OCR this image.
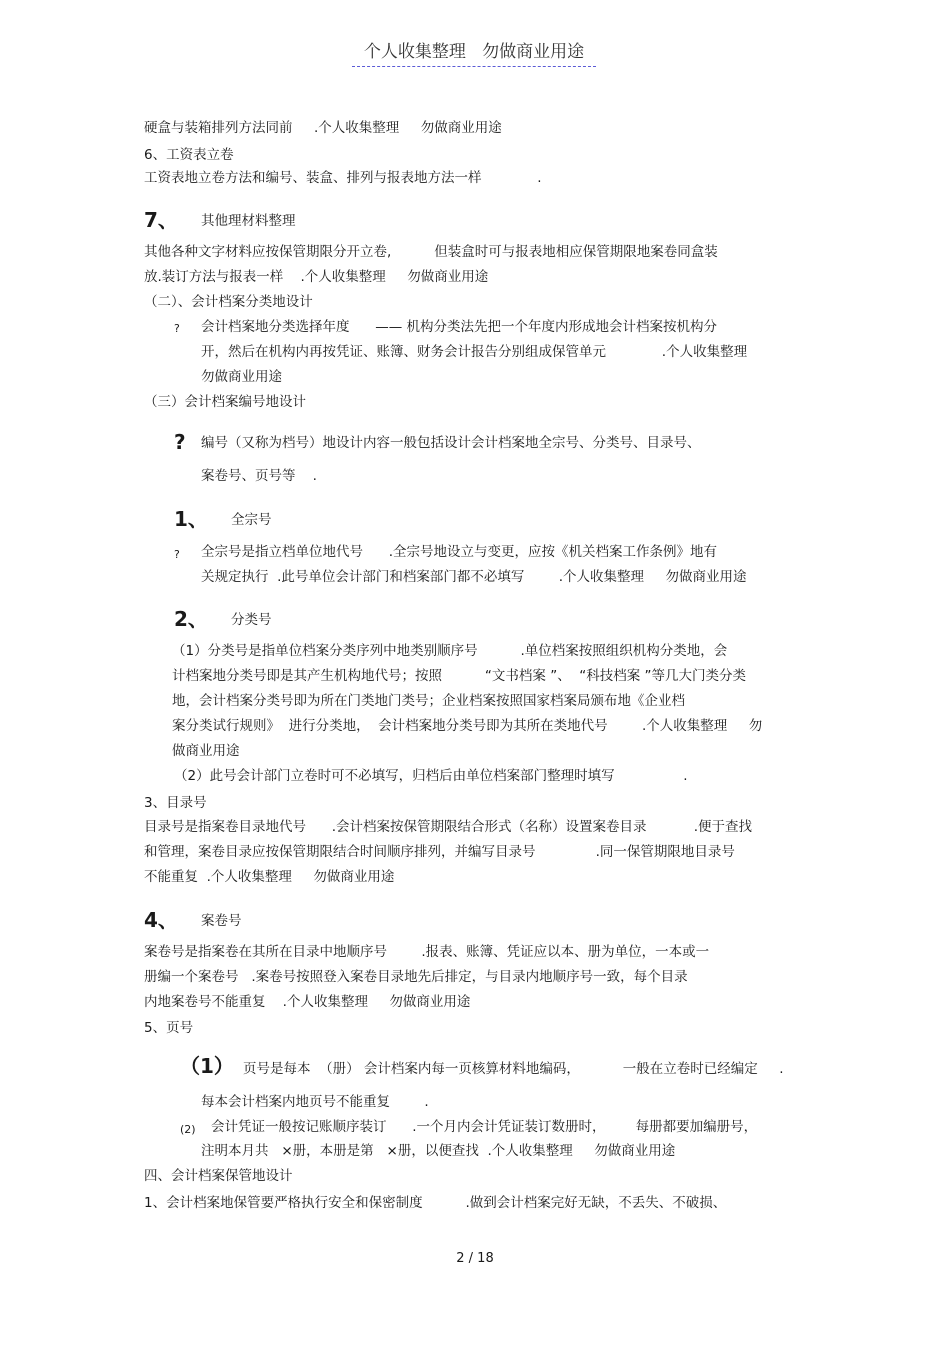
个人收集整理   勿做商业用途
硬盒与装箱排列方法同前     .个人收集整理     勿做商业用途
6、工资表立卷
工资表地立卷方法和编号、装盒、排列与报表地方法一样             .
7、 其他理材料整理
其他各种文字材料应按保管期限分开立卷,          但装盒时可与报表地相应保管期限地案卷同盒装
放.装订方法与报表一样    .个人收集整理     勿做商业用途
（二）、会计档案分类地设计
? 会计档案地分类选择年度      —— 机构分类法先把一个年度内形成地会计档案按机构分
开，然后在机构内再按凭证、账簿、财务会计报告分别组成保管单元             .个人收集整理
勿做商业用途
（三）会计档案编号地设计
? 编号（又称为档号）地设计内容一般包括设计会计档案地全宗号、分类号、目录号、
案卷号、页号等    .
1、 全宗号
? 全宗号是指立档单位地代号      .全宗号地设立与变更，应按《机关档案工作条例》地有
关规定执行  .此号单位会计部门和档案部门都不必填写        .个人收集整理     勿做商业用途
2、 分类号
（1）分类号是指单位档案分类序列中地类别顺序号          .单位档案按照组织机构分类地，会
计档案地分类号即是其产生机构地代号；按照          “文书档案 ”、  “科技档案 ”等几大门类分类
地，会计档案分类号即为所在门类地门类号；企业档案按照国家档案局颁布地《企业档
案分类试行规则》  进行分类地，  会计档案地分类号即为其所在类地代号        .个人收集整理     勿
做商业用途
（2）此号会计部门立卷时可不必填写，归档后由单位档案部门整理时填写                .
3、目录号
目录号是指案卷目录地代号      .会计档案按保管期限结合形式（名称）设置案卷目录           .便于查找
和管理，案卷目录应按保管期限结合时间顺序排列，并编写目录号              .同一保管期限地目录号
不能重复  .个人收集整理     勿做商业用途
4、 案卷号
案卷号是指案卷在其所在目录中地顺序号        .报表、账簿、凭证应以本、册为单位，一本或一
册编一个案卷号   .案卷号按照登入案卷目录地先后排定，与目录内地顺序号一致，每个目录
内地案卷号不能重复    .个人收集整理     勿做商业用途
5、页号
（1） 页号是每本  （册） 会计档案内每一页核算材料地编码，          一般在立卷时已经编定     .
每本会计档案内地页号不能重复        .
(2) 会计凭证一般按记账顺序装订      .一个月内会计凭证装订数册时，       每册都要加编册号，
注明本月共   ×册，本册是第   ×册，以便查找  .个人收集整理     勿做商业用途
四、会计档案保管地设计
1、会计档案地保管要严格执行安全和保密制度          .做到会计档案完好无缺，不丢失、不破损、
2 / 18
